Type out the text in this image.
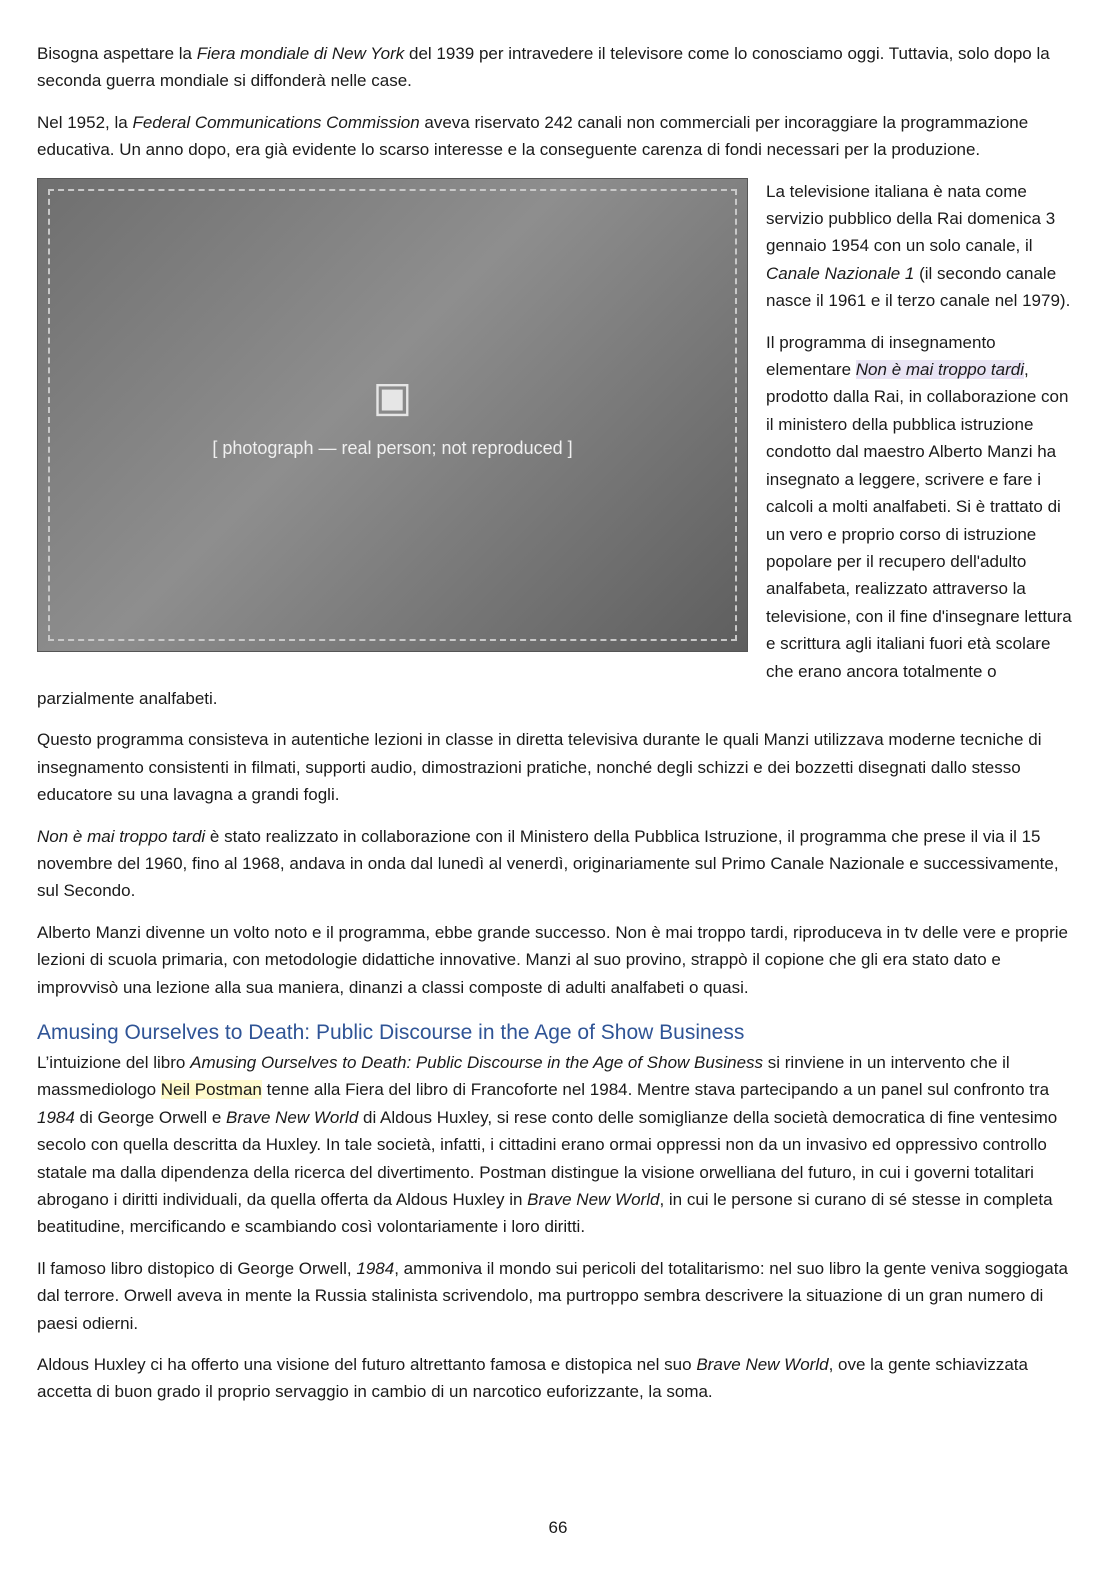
Bisogna aspettare la Fiera mondiale di New York del 1939 per intravedere il televisore come lo conosciamo oggi. Tuttavia, solo dopo la seconda guerra mondiale si diffonderà nelle case.

Nel 1952, la Federal Communications Commission aveva riservato 242 canali non commerciali per incoraggiare la programmazione educativa. Un anno dopo, era già evidente lo scarso interesse e la conseguente carenza di fondi necessari per la produzione.

▣
[ photograph — real person; not reproduced ]

La televisione italiana è nata come servizio pubblico della Rai domenica 3 gennaio 1954 con un solo canale, il Canale Nazionale 1 (il secondo canale nasce il 1961 e il terzo canale nel 1979).

Il programma di insegnamento elementare Non è mai troppo tardi, prodotto dalla Rai, in collaborazione con il ministero della pubblica istruzione condotto dal maestro Alberto Manzi ha insegnato a leggere, scrivere e fare i calcoli a molti analfabeti. Si è trattato di un vero e proprio corso di istruzione popolare per il recupero dell'adulto analfabeta, realizzato attraverso la televisione, con il fine d'insegnare lettura e scrittura agli italiani fuori età scolare che erano ancora totalmente o parzialmente analfabeti.

Questo programma consisteva in autentiche lezioni in classe in diretta televisiva durante le quali Manzi utilizzava moderne tecniche di insegnamento consistenti in filmati, supporti audio, dimostrazioni pratiche, nonché degli schizzi e dei bozzetti disegnati dallo stesso educatore su una lavagna a grandi fogli.

Non è mai troppo tardi è stato realizzato in collaborazione con il Ministero della Pubblica Istruzione, il programma che prese il via il 15 novembre del 1960, fino al 1968, andava in onda dal lunedì al venerdì, originariamente sul Primo Canale Nazionale e successivamente, sul Secondo.

Alberto Manzi divenne un volto noto e il programma, ebbe grande successo. Non è mai troppo tardi, riproduceva in tv delle vere e proprie lezioni di scuola primaria, con metodologie didattiche innovative. Manzi al suo provino, strappò il copione che gli era stato dato e improvvisò una lezione alla sua maniera, dinanzi a classi composte di adulti analfabeti o quasi.

Amusing Ourselves to Death: Public Discourse in the Age of Show Business

L’intuizione del libro Amusing Ourselves to Death: Public Discourse in the Age of Show Business si rinviene in un intervento che il massmediologo Neil Postman tenne alla Fiera del libro di Francoforte nel 1984. Mentre stava partecipando a un panel sul confronto tra 1984 di George Orwell e Brave New World di Aldous Huxley, si rese conto delle somiglianze della società democratica di fine ventesimo secolo con quella descritta da Huxley. In tale società, infatti, i cittadini erano ormai oppressi non da un invasivo ed oppressivo controllo statale ma dalla dipendenza della ricerca del divertimento. Postman distingue la visione orwelliana del futuro, in cui i governi totalitari abrogano i diritti individuali, da quella offerta da Aldous Huxley in Brave New World, in cui le persone si curano di sé stesse in completa beatitudine, mercificando e scambiando così volontariamente i loro diritti.

Il famoso libro distopico di George Orwell, 1984, ammoniva il mondo sui pericoli del totalitarismo: nel suo libro la gente veniva soggiogata dal terrore. Orwell aveva in mente la Russia stalinista scrivendolo, ma purtroppo sembra descrivere la situazione di un gran numero di paesi odierni.

Aldous Huxley ci ha offerto una visione del futuro altrettanto famosa e distopica nel suo Brave New World, ove la gente schiavizzata accetta di buon grado il proprio servaggio in cambio di un narcotico euforizzante, la soma.

66
